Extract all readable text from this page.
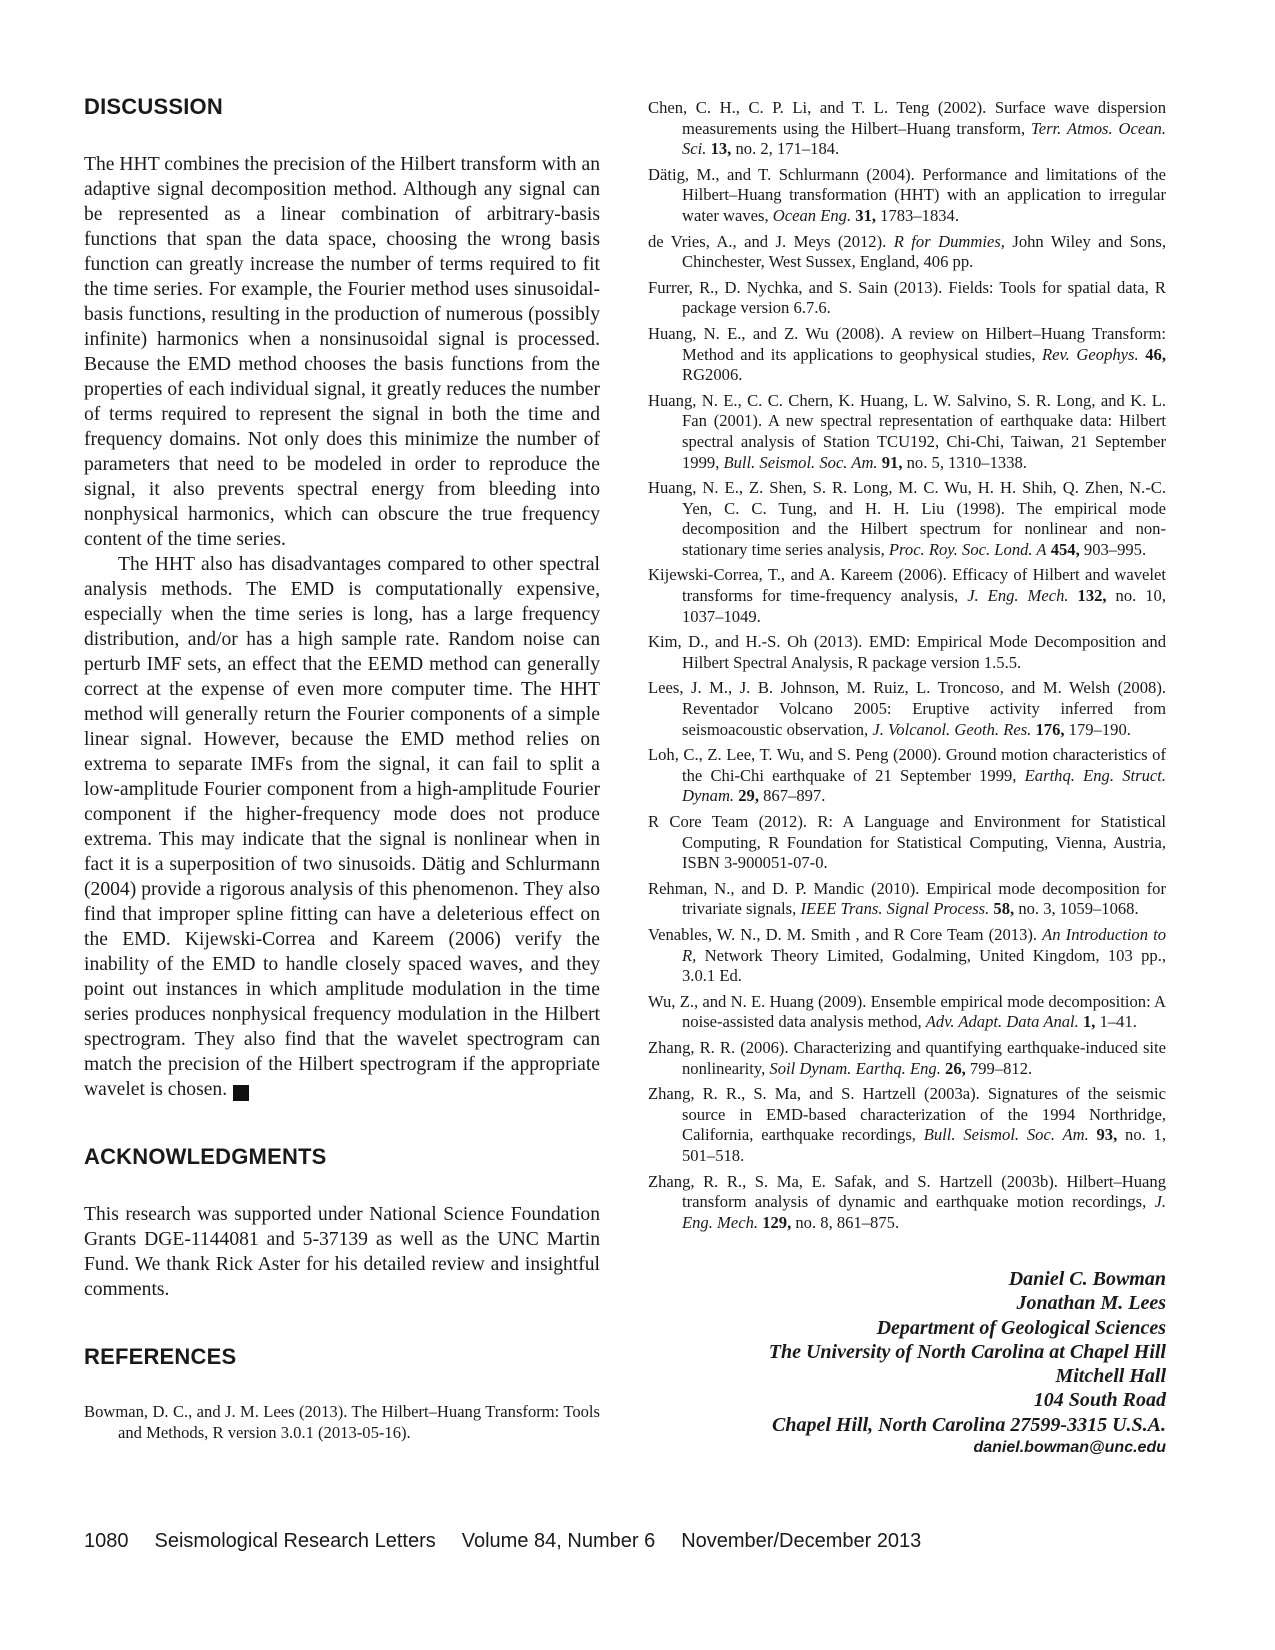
DISCUSSION

The HHT combines the precision of the Hilbert transform with an adaptive signal decomposition method. Although any signal can be represented as a linear combination of arbitrary-basis functions that span the data space, choosing the wrong basis function can greatly increase the number of terms required to fit the time series. For example, the Fourier method uses sinusoidal-basis functions, resulting in the production of numerous (possibly infinite) harmonics when a nonsinusoidal signal is processed. Because the EMD method chooses the basis functions from the properties of each individual signal, it greatly reduces the number of terms required to represent the signal in both the time and frequency domains. Not only does this minimize the number of parameters that need to be modeled in order to reproduce the signal, it also prevents spectral energy from bleeding into nonphysical harmonics, which can obscure the true frequency content of the time series.

The HHT also has disadvantages compared to other spectral analysis methods. The EMD is computationally expensive, especially when the time series is long, has a large frequency distribution, and/or has a high sample rate. Random noise can perturb IMF sets, an effect that the EEMD method can generally correct at the expense of even more computer time. The HHT method will generally return the Fourier components of a simple linear signal. However, because the EMD method relies on extrema to separate IMFs from the signal, it can fail to split a low-amplitude Fourier component from a high-amplitude Fourier component if the higher-frequency mode does not produce extrema. This may indicate that the signal is nonlinear when in fact it is a superposition of two sinusoids. Dätig and Schlurmann (2004) provide a rigorous analysis of this phenomenon. They also find that improper spline fitting can have a deleterious effect on the EMD. Kijewski-Correa and Kareem (2006) verify the inability of the EMD to handle closely spaced waves, and they point out instances in which amplitude modulation in the time series produces nonphysical frequency modulation in the Hilbert spectrogram. They also find that the wavelet spectrogram can match the precision of the Hilbert spectrogram if the appropriate wavelet is chosen.	◀

ACKNOWLEDGMENTS

This research was supported under National Science Foundation Grants DGE-1144081 and 5-37139 as well as the UNC Martin Fund. We thank Rick Aster for his detailed review and insightful comments.

REFERENCES

Bowman, D. C., and J. M. Lees (2013). The Hilbert–Huang Transform: Tools and Methods, R version 3.0.1 (2013-05-16).

Chen, C. H., C. P. Li, and T. L. Teng (2002). Surface wave dispersion measurements using the Hilbert–Huang transform, Terr. Atmos. Ocean. Sci. 13, no. 2, 171–184.

Dätig, M., and T. Schlurmann (2004). Performance and limitations of the Hilbert–Huang transformation (HHT) with an application to irregular water waves, Ocean Eng. 31, 1783–1834.

de Vries, A., and J. Meys (2012). R for Dummies, John Wiley and Sons, Chinchester, West Sussex, England, 406 pp.

Furrer, R., D. Nychka, and S. Sain (2013). Fields: Tools for spatial data, R package version 6.7.6.

Huang, N. E., and Z. Wu (2008). A review on Hilbert–Huang Transform: Method and its applications to geophysical studies, Rev. Geophys. 46, RG2006.

Huang, N. E., C. C. Chern, K. Huang, L. W. Salvino, S. R. Long, and K. L. Fan (2001). A new spectral representation of earthquake data: Hilbert spectral analysis of Station TCU192, Chi-Chi, Taiwan, 21 September 1999, Bull. Seismol. Soc. Am. 91, no. 5, 1310–1338.

Huang, N. E., Z. Shen, S. R. Long, M. C. Wu, H. H. Shih, Q. Zhen, N.-C. Yen, C. C. Tung, and H. H. Liu (1998). The empirical mode decomposition and the Hilbert spectrum for nonlinear and non-stationary time series analysis, Proc. Roy. Soc. Lond. A 454, 903–995.

Kijewski-Correa, T., and A. Kareem (2006). Efficacy of Hilbert and wavelet transforms for time-frequency analysis, J. Eng. Mech. 132, no. 10, 1037–1049.

Kim, D., and H.-S. Oh (2013). EMD: Empirical Mode Decomposition and Hilbert Spectral Analysis, R package version 1.5.5.

Lees, J. M., J. B. Johnson, M. Ruiz, L. Troncoso, and M. Welsh (2008). Reventador Volcano 2005: Eruptive activity inferred from seismoacoustic observation, J. Volcanol. Geoth. Res. 176, 179–190.

Loh, C., Z. Lee, T. Wu, and S. Peng (2000). Ground motion characteristics of the Chi-Chi earthquake of 21 September 1999, Earthq. Eng. Struct. Dynam. 29, 867–897.

R Core Team (2012). R: A Language and Environment for Statistical Computing, R Foundation for Statistical Computing, Vienna, Austria, ISBN 3-900051-07-0.

Rehman, N., and D. P. Mandic (2010). Empirical mode decomposition for trivariate signals, IEEE Trans. Signal Process. 58, no. 3, 1059–1068.

Venables, W. N., D. M. Smith , and R Core Team (2013). An Introduction to R, Network Theory Limited, Godalming, United Kingdom, 103 pp., 3.0.1 Ed.

Wu, Z., and N. E. Huang (2009). Ensemble empirical mode decomposition: A noise-assisted data analysis method, Adv. Adapt. Data Anal. 1, 1–41.

Zhang, R. R. (2006). Characterizing and quantifying earthquake-induced site nonlinearity, Soil Dynam. Earthq. Eng. 26, 799–812.

Zhang, R. R., S. Ma, and S. Hartzell (2003a). Signatures of the seismic source in EMD-based characterization of the 1994 Northridge, California, earthquake recordings, Bull. Seismol. Soc. Am. 93, no. 1, 501–518.

Zhang, R. R., S. Ma, E. Safak, and S. Hartzell (2003b). Hilbert–Huang transform analysis of dynamic and earthquake motion recordings, J. Eng. Mech. 129, no. 8, 861–875.

Daniel C. Bowman
Jonathan M. Lees
Department of Geological Sciences
The University of North Carolina at Chapel Hill
Mitchell Hall
104 South Road
Chapel Hill, North Carolina 27599-3315 U.S.A.
daniel.bowman@unc.edu
1080 Seismological Research Letters Volume 84, Number 6 November/December 2013
